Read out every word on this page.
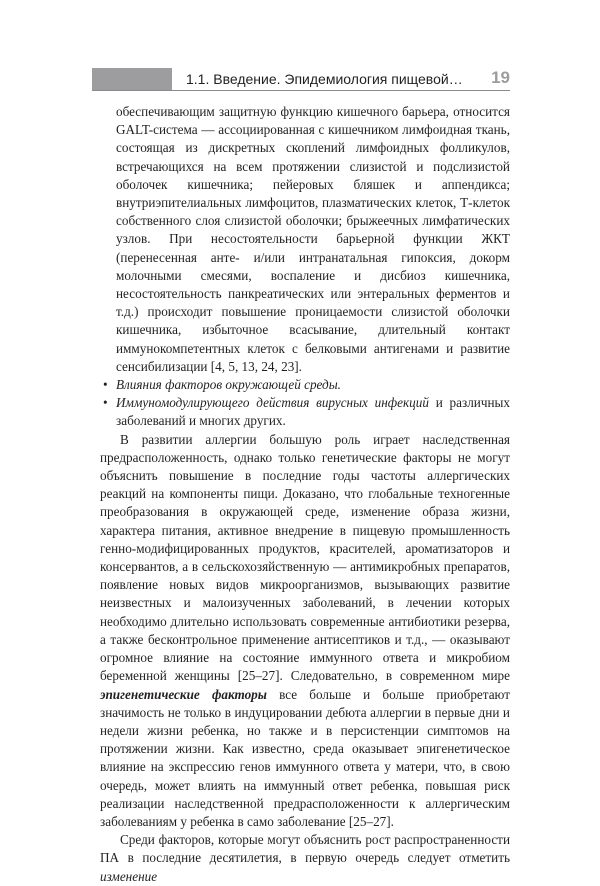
1.1. Введение. Эпидемиология пищевой…	19

обеспечивающим защитную функцию кишечного барьера, относится GALT-система — ассоциированная с кишечником лимфоидная ткань, состоящая из дискретных скоплений лимфоидных фолликулов, встречающихся на всем протяжении слизистой и подслизистой оболочек кишечника; пейеровых бляшек и аппендикса; внутриэпителиальных лимфоцитов, плазматических клеток, Т-клеток собственного слоя слизистой оболочки; брыжеечных лимфатических узлов. При несостоятельности барьерной функции ЖКТ (перенесенная анте- и/или интранатальная гипоксия, докорм молочными смесями, воспаление и дисбиоз кишечника, несостоятельность панкреатических или энтеральных ферментов и т.д.) происходит повышение проницаемости слизистой оболочки кишечника, избыточное всасывание, длительный контакт иммунокомпетентных клеток с белковыми антигенами и развитие сенсибилизации [4, 5, 13, 24, 23].

• Влияния факторов окружающей среды.

• Иммуномодулирующего действия вирусных инфекций и различных заболеваний и многих других.

В развитии аллергии большую роль играет наследственная предрасположенность, однако только генетические факторы не могут объяснить повышение в последние годы частоты аллергических реакций на компоненты пищи. Доказано, что глобальные техногенные преобразования в окружающей среде, изменение образа жизни, характера питания, активное внедрение в пищевую промышленность генно-модифицированных продуктов, красителей, ароматизаторов и консервантов, а в сельскохозяйственную — антимикробных препаратов, появление новых видов микроорганизмов, вызывающих развитие неизвестных и малоизученных заболеваний, в лечении которых необходимо длительно использовать современные антибиотики резерва, а также бесконтрольное применение антисептиков и т.д., — оказывают огромное влияние на состояние иммунного ответа и микробиом беременной женщины [25–27]. Следовательно, в современном мире эпигенетические факторы все больше и больше приобретают значимость не только в индуцировании дебюта аллергии в первые дни и недели жизни ребенка, но также и в персистенции симптомов на протяжении жизни. Как известно, среда оказывает эпигенетическое влияние на экспрессию генов иммунного ответа у матери, что, в свою очередь, может влиять на иммунный ответ ребенка, повышая риск реализации наследственной предрасположенности к аллергическим заболеваниям у ребенка в само заболевание [25–27].

Среди факторов, которые могут объяснить рост распространенности ПА в последние десятилетия, в первую очередь следует отметить изменение
